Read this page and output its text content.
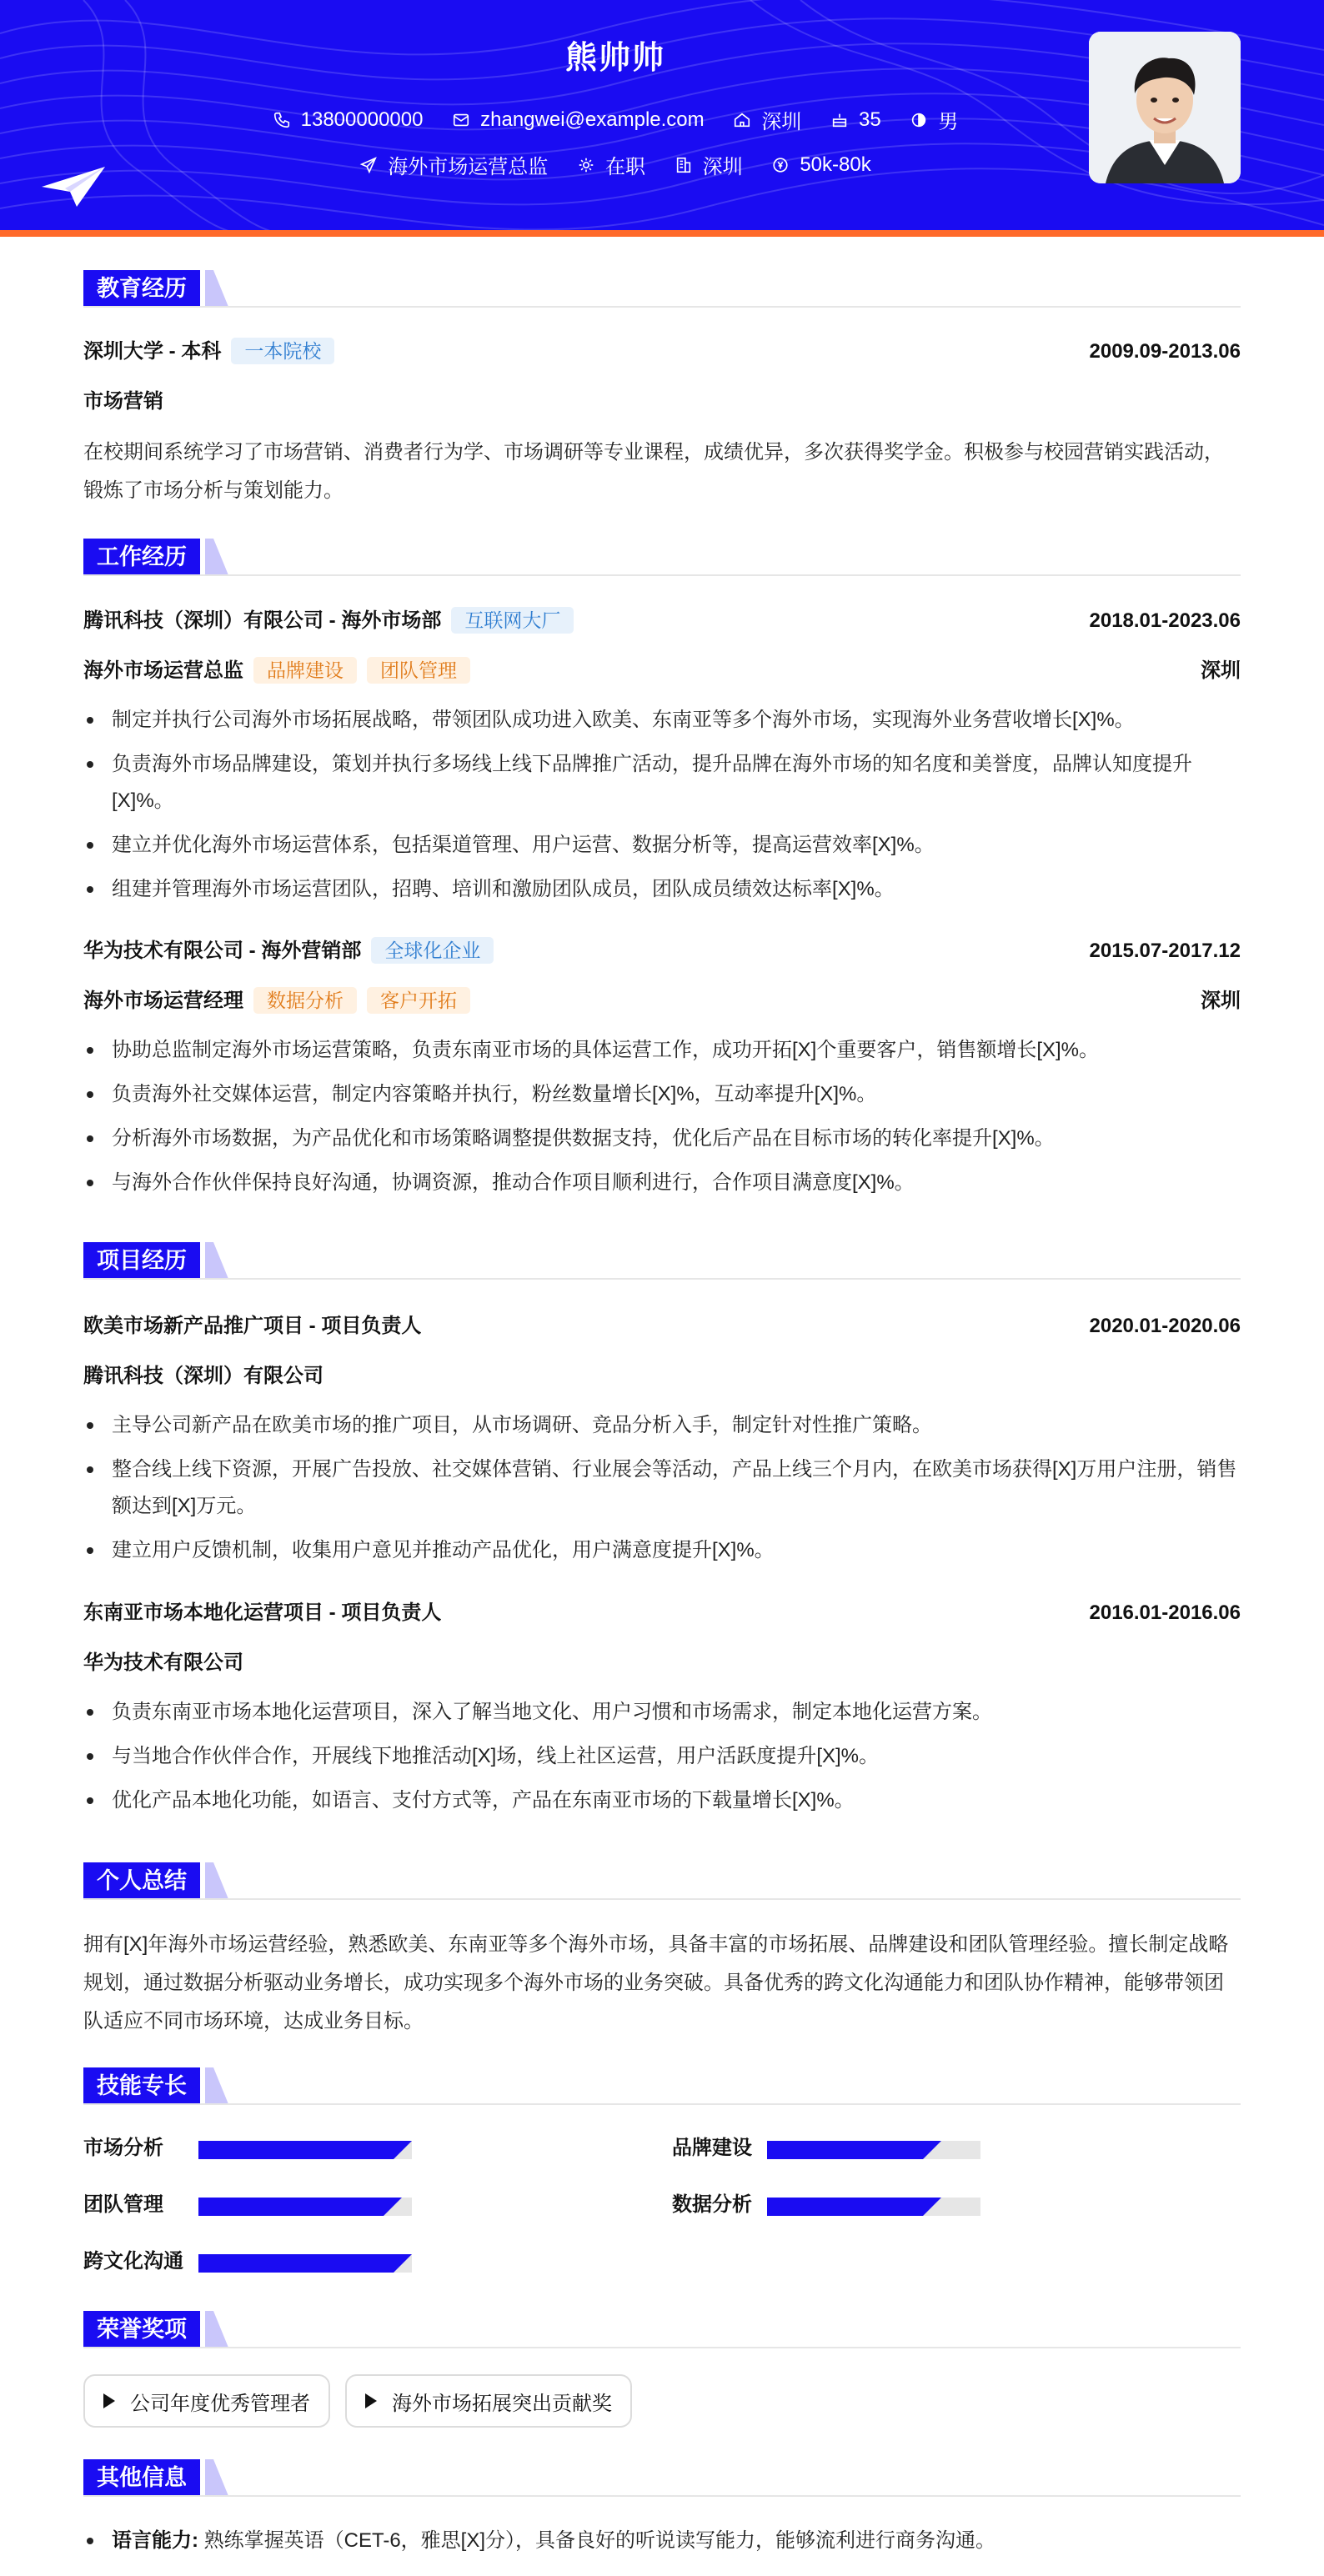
熊帅帅
13800000000
	zhangwei@example.com
	深圳
	35
	男
海外市场运营总监
	在职
	深圳
	50k-80k
教育经历
深圳大学 - 本科 一本院校	2009.09-2013.06
市场营销
在校期间系统学习了市场营销、消费者行为学、市场调研等专业课程，成绩优异，多次获得奖学金。积极参与校园营销实践活动，锻炼了市场分析与策划能力。
工作经历
腾讯科技（深圳）有限公司 - 海外市场部 互联网大厂	2018.01-2023.06
海外市场运营总监 品牌建设 团队管理	深圳
制定并执行公司海外市场拓展战略，带领团队成功进入欧美、东南亚等多个海外市场，实现海外业务营收增长[X]%。
负责海外市场品牌建设，策划并执行多场线上线下品牌推广活动，提升品牌在海外市场的知名度和美誉度，品牌认知度提升[X]%。
建立并优化海外市场运营体系，包括渠道管理、用户运营、数据分析等，提高运营效率[X]%。
组建并管理海外市场运营团队，招聘、培训和激励团队成员，团队成员绩效达标率[X]%。
华为技术有限公司 - 海外营销部 全球化企业	2015.07-2017.12
海外市场运营经理 数据分析 客户开拓	深圳
协助总监制定海外市场运营策略，负责东南亚市场的具体运营工作，成功开拓[X]个重要客户，销售额增长[X]%。
负责海外社交媒体运营，制定内容策略并执行，粉丝数量增长[X]%，互动率提升[X]%。
分析海外市场数据，为产品优化和市场策略调整提供数据支持，优化后产品在目标市场的转化率提升[X]%。
与海外合作伙伴保持良好沟通，协调资源，推动合作项目顺利进行，合作项目满意度[X]%。
项目经历
欧美市场新产品推广项目 - 项目负责人	2020.01-2020.06
腾讯科技（深圳）有限公司
主导公司新产品在欧美市场的推广项目，从市场调研、竞品分析入手，制定针对性推广策略。
整合线上线下资源，开展广告投放、社交媒体营销、行业展会等活动，产品上线三个月内，在欧美市场获得[X]万用户注册，销售额达到[X]万元。
建立用户反馈机制，收集用户意见并推动产品优化，用户满意度提升[X]%。
东南亚市场本地化运营项目 - 项目负责人	2016.01-2016.06
华为技术有限公司
负责东南亚市场本地化运营项目，深入了解当地文化、用户习惯和市场需求，制定本地化运营方案。
与当地合作伙伴合作，开展线下地推活动[X]场，线上社区运营，用户活跃度提升[X]%。
优化产品本地化功能，如语言、支付方式等，产品在东南亚市场的下载量增长[X]%。
个人总结
拥有[X]年海外市场运营经验，熟悉欧美、东南亚等多个海外市场，具备丰富的市场拓展、品牌建设和团队管理经验。擅长制定战略规划，通过数据分析驱动业务增长，成功实现多个海外市场的业务突破。具备优秀的跨文化沟通能力和团队协作精神，能够带领团队适应不同市场环境，达成业务目标。
技能专长
市场分析	品牌建设
团队管理	数据分析
跨文化沟通
荣誉奖项
公司年度优秀管理者	海外市场拓展突出贡献奖
其他信息
语言能力: 熟练掌握英语（CET-6，雅思[X]分），具备良好的听说读写能力，能够流利进行商务沟通。
